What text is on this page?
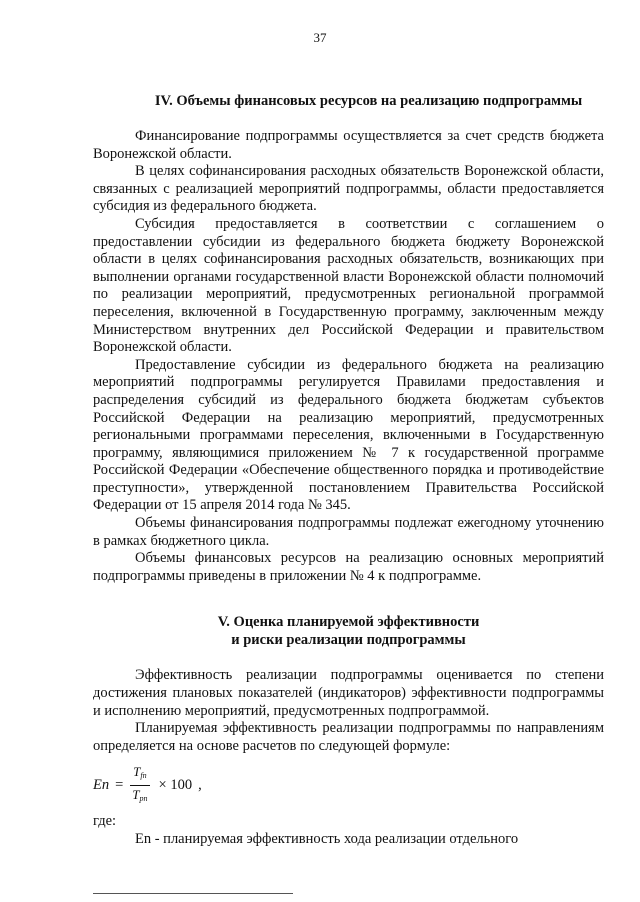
37
IV. Объемы финансовых ресурсов на реализацию подпрограммы

Финансирование подпрограммы осуществляется за счет средств бюджета Воронежской области.

В целях софинансирования расходных обязательств Воронежской области, связанных с реализацией мероприятий подпрограммы, области предоставляется субсидия из федерального бюджета.

Субсидия предоставляется в соответствии с соглашением о предоставлении субсидии из федерального бюджета бюджету Воронежской области в целях софинансирования расходных обязательств, возникающих при выполнении органами государственной власти Воронежской области полномочий по реализации мероприятий, предусмотренных региональной программой переселения, включенной в Государственную программу, заключенным между Министерством внутренних дел Российской Федерации и правительством Воронежской области.

Предоставление субсидии из федерального бюджета на реализацию мероприятий подпрограммы регулируется Правилами предоставления и распределения субсидий из федерального бюджета бюджетам субъектов Российской Федерации на реализацию мероприятий, предусмотренных региональными программами переселения, включенными в Государственную программу, являющимися приложением № 7 к государственной программе Российской Федерации «Обеспечение общественного порядка и противодействие преступности», утвержденной постановлением Правительства Российской Федерации от 15 апреля 2014 года № 345.

Объемы финансирования подпрограммы подлежат ежегодному уточнению в рамках бюджетного цикла.

Объемы финансовых ресурсов на реализацию основных мероприятий подпрограммы приведены в приложении № 4 к подпрограмме.

V. Оценка планируемой эффективности
и риски реализации подпрограммы

Эффективность реализации подпрограммы оценивается по степени достижения плановых показателей (индикаторов) эффективности подпрограммы и исполнению мероприятий, предусмотренных подпрограммой.

Планируемая эффективность реализации подпрограммы по направлениям определяется на основе расчетов по следующей формуле:

$En = \frac{T_{fn}}{T_{pn}} \times 100$ ,

где:

En - планируемая эффективность хода реализации отдельного
